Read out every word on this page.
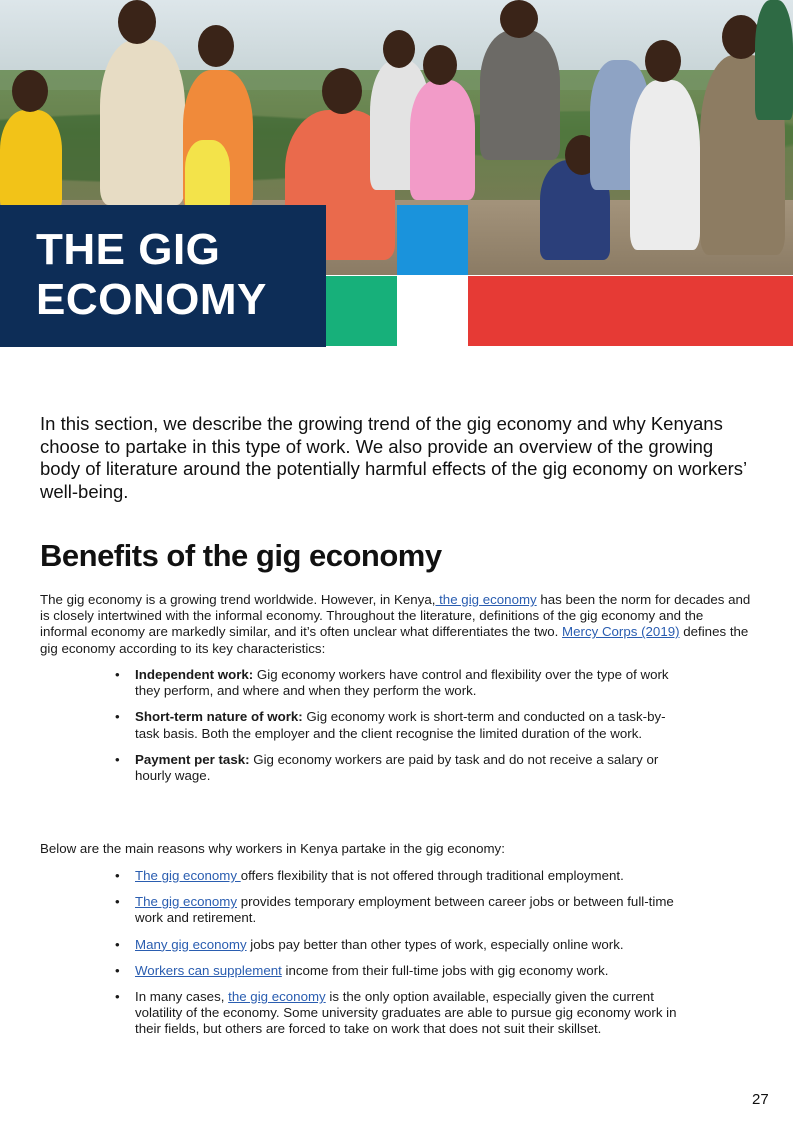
THE GIG
ECONOMY

In this section, we describe the growing trend of the gig economy and why Kenyans choose to partake in this type of work. We also provide an overview of the growing body of literature around the potentially harmful effects of the gig economy on workers’ well-being.

Benefits of the gig economy

The gig economy is a growing trend worldwide. However, in Kenya, the gig economy has been the norm for decades and is closely intertwined with the informal economy. Throughout the literature, definitions of the gig economy and the informal economy are markedly similar, and it’s often unclear what differentiates the two. Mercy Corps (2019) defines the gig economy according to its key characteristics:

• Independent work: Gig economy workers have control and flexibility over the type of work they perform, and where and when they perform the work.
• Short-term nature of work: Gig economy work is short-term and conducted on a task-by-task basis. Both the employer and the client recognise the limited duration of the work.
• Payment per task: Gig economy workers are paid by task and do not receive a salary or hourly wage.

Below are the main reasons why workers in Kenya partake in the gig economy:

• The gig economy offers flexibility that is not offered through traditional employment.
• The gig economy provides temporary employment between career jobs or between full-time work and retirement.
• Many gig economy jobs pay better than other types of work, especially online work.
• Workers can supplement income from their full-time jobs with gig economy work.
• In many cases, the gig economy is the only option available, especially given the current volatility of the economy. Some university graduates are able to pursue gig economy work in their fields, but others are forced to take on work that does not suit their skillset.
27
